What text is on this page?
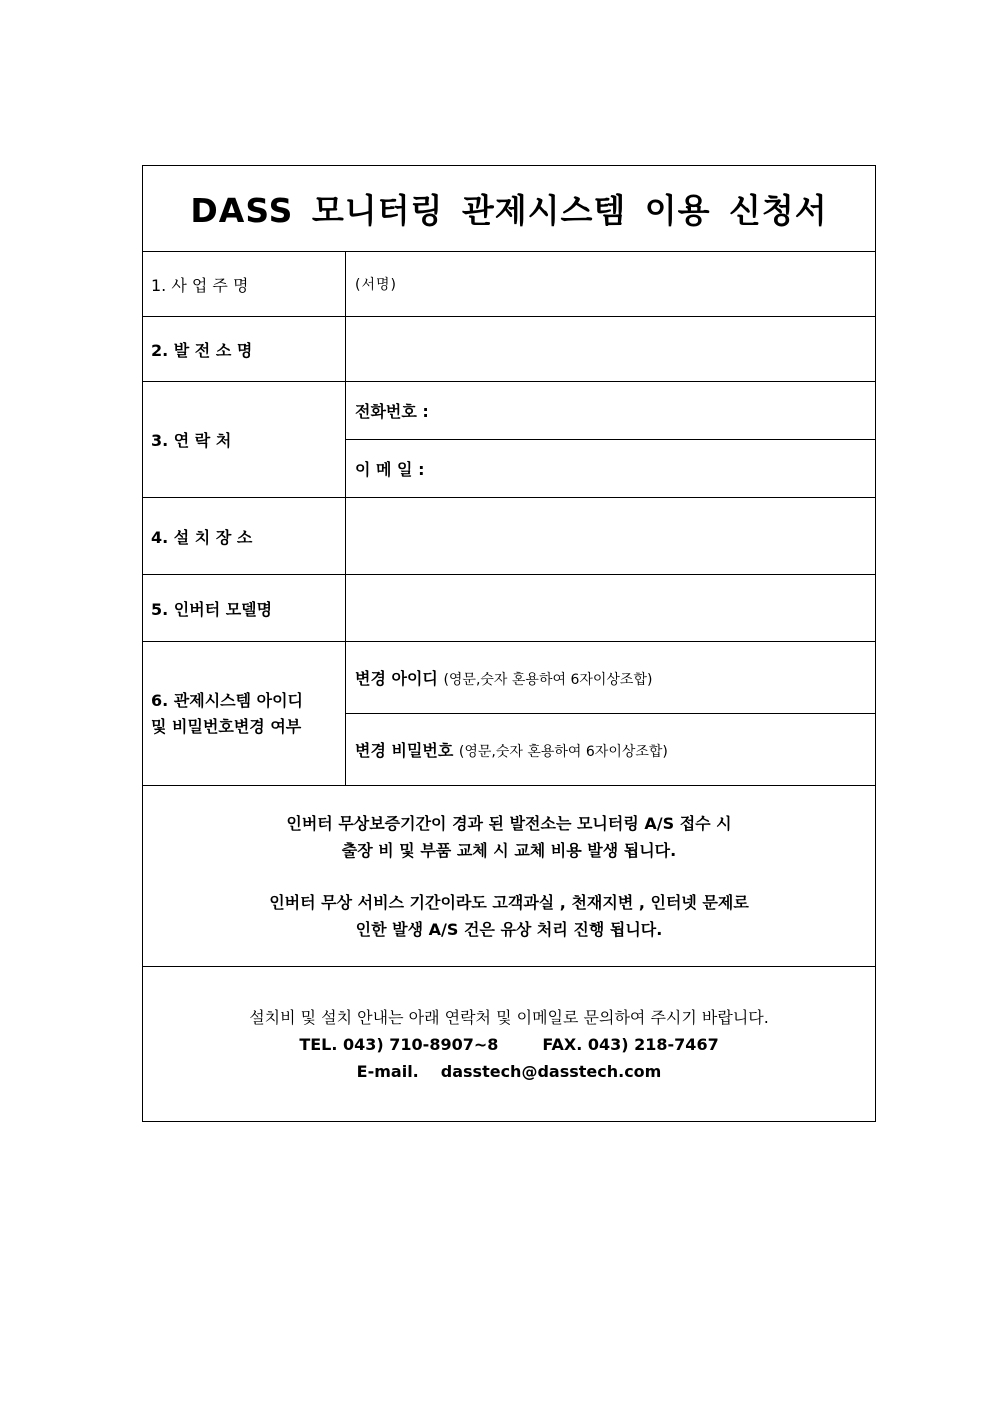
DASS 모니터링 관제시스템 이용 신청서	
1. 사 업 주 명	(서명)
2. 발 전 소 명	
3. 연 락 처	전화번호 :
	이 메 일 :
4. 설 치 장 소	
5. 인버터 모델명	

6. 관제시스템 아이디
및 비밀번호변경 여부	변경 아이디 (영문,숫자 혼용하여 6자이상조합)
	변경 비밀번호 (영문,숫자 혼용하여 6자이상조합)

인버터 무상보증기간이 경과 된 발전소는 모니터링 A/S 접수 시

출장 비 및 부품 교체 시 교체 비용 발생 됩니다.

인버터 무상 서비스 기간이라도 고객과실 , 천재지변 , 인터넷 문제로

인한 발생 A/S 건은 유상 처리 진행 됩니다.	

설치비 및 설치 안내는 아래 연락처 및 이메일로 문의하여 주시기 바랍니다.

TEL. 043) 710-8907~8 FAX. 043) 218-7467

E-mail. dasstech@dasstech.com	
